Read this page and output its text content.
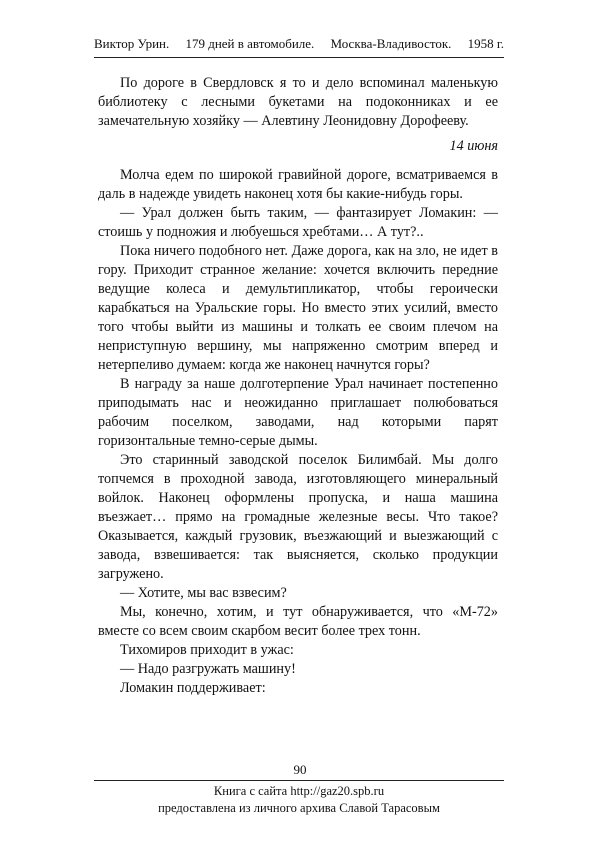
Виктор Урин. 179 дней в автомобиле. Москва-Владивосток. 1958 г.

По дороге в Свердловск я то и дело вспоминал маленькую библиотеку с лесными букетами на подоконниках и ее замечательную хозяйку — Алевтину Леонидовну Дорофееву.

14 июня

Молча едем по широкой гравийной дороге, всматриваемся в даль в надежде увидеть наконец хотя бы какие-нибудь горы.

— Урал должен быть таким, — фантазирует Ломакин: — стоишь у подножия и любуешься хребтами… А тут?..

Пока ничего подобного нет. Даже дорога, как на зло, не идет в гору. Приходит странное желание: хочется включить передние ведущие колеса и демультипликатор, чтобы героически карабкаться на Уральские горы. Но вместо этих усилий, вместо того чтобы выйти из машины и толкать ее своим плечом на неприступную вершину, мы напряженно смотрим вперед и нетерпеливо думаем: когда же наконец начнутся горы?

В награду за наше долготерпение Урал начинает постепенно приподымать нас и неожиданно приглашает полюбоваться рабочим поселком, заводами, над которыми парят горизонтальные темно-серые дымы.

Это старинный заводской поселок Билимбай. Мы долго топчемся в проходной завода, изготовляющего минеральный войлок. Наконец оформлены пропуска, и наша машина въезжает… прямо на громадные железные весы. Что такое? Оказывается, каждый грузовик, въезжающий и выезжающий с завода, взвешивается: так выясняется, сколько продукции загружено.

— Хотите, мы вас взвесим?

Мы, конечно, хотим, и тут обнаруживается, что «М-72» вместе со всем своим скарбом весит более трех тонн.

Тихомиров приходит в ужас:

— Надо разгружать машину!

Ломакин поддерживает:

90
Книга с сайта http://gaz20.spb.ru
предоставлена из личного архива Славой Тарасовым
